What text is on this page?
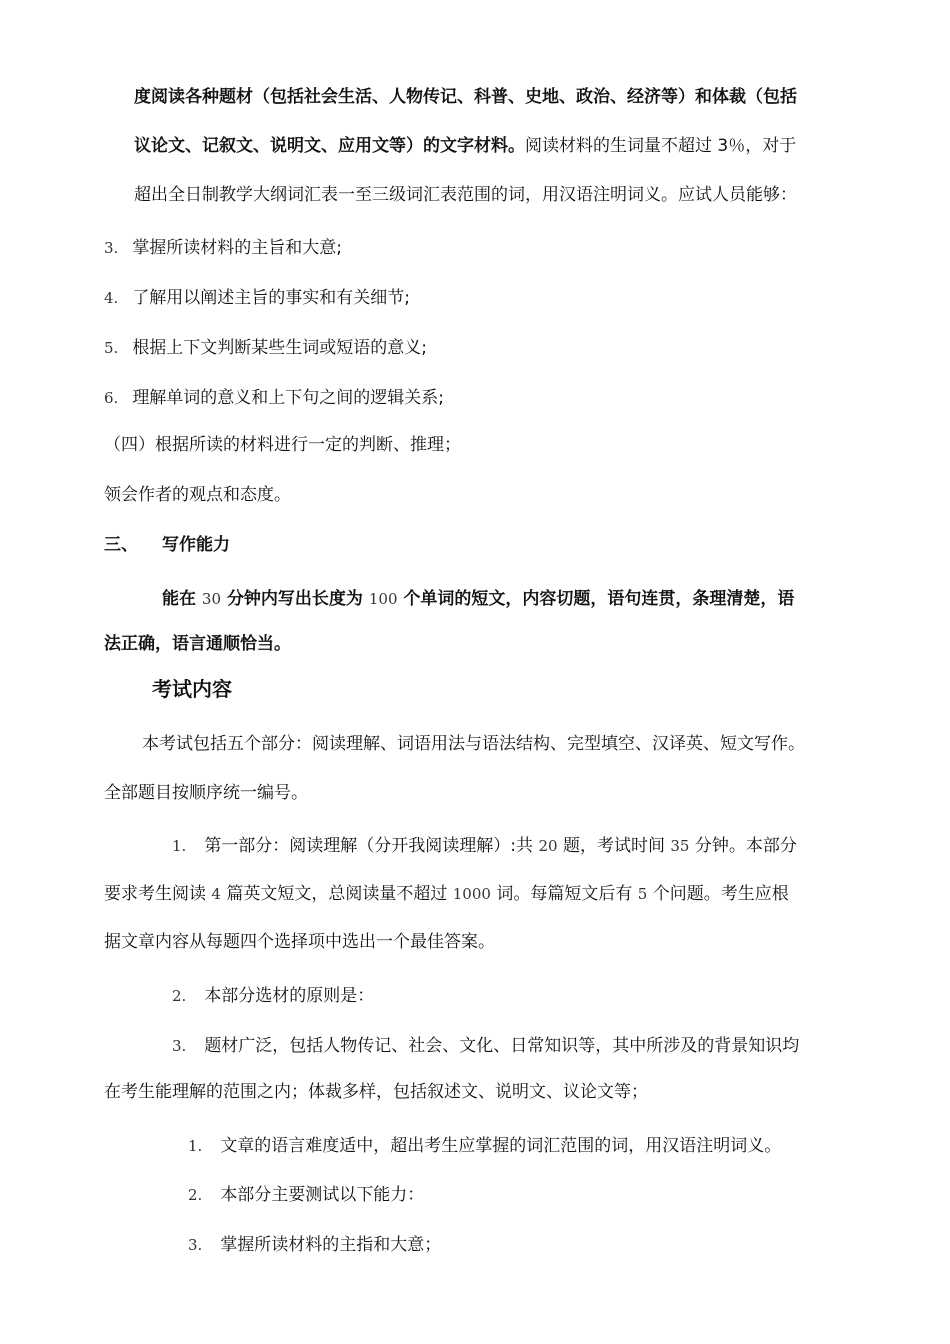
度阅读各种题材（包括社会生活、人物传记、科普、史地、政治、经济等）和体裁（包括
议论文、记叙文、说明文、应用文等）的文字材料。阅读材料的生词量不超过 3％，对于
超出全日制教学大纲词汇表一至三级词汇表范围的词，用汉语注明词义。应试人员能够：
3. 掌握所读材料的主旨和大意;
4. 了解用以阐述主旨的事实和有关细节;
5. 根据上下文判断某些生词或短语的意义;
6. 理解单词的意义和上下句之间的逻辑关系;
（四）根据所读的材料进行一定的判断、推理；
领会作者的观点和态度。
三、 写作能力
能在 30 分钟内写出长度为 100 个单词的短文，内容切题，语句连贯，条理清楚，语
法正确，语言通顺恰当。
考试内容
本考试包括五个部分：阅读理解、词语用法与语法结构、完型填空、汉译英、短文写作。
全部题目按顺序统一编号。
1. 第一部分：阅读理解（分开我阅读理解）:共 20 题，考试时间 35 分钟。本部分
要求考生阅读 4 篇英文短文，总阅读量不超过 1000 词。每篇短文后有 5 个问题。考生应根
据文章内容从每题四个选择项中选出一个最佳答案。
2. 本部分选材的原则是：
3. 题材广泛，包括人物传记、社会、文化、日常知识等，其中所涉及的背景知识均
在考生能理解的范围之内；体裁多样，包括叙述文、说明文、议论文等；
1. 文章的语言难度适中，超出考生应掌握的词汇范围的词，用汉语注明词义。
2. 本部分主要测试以下能力：
3. 掌握所读材料的主指和大意；
